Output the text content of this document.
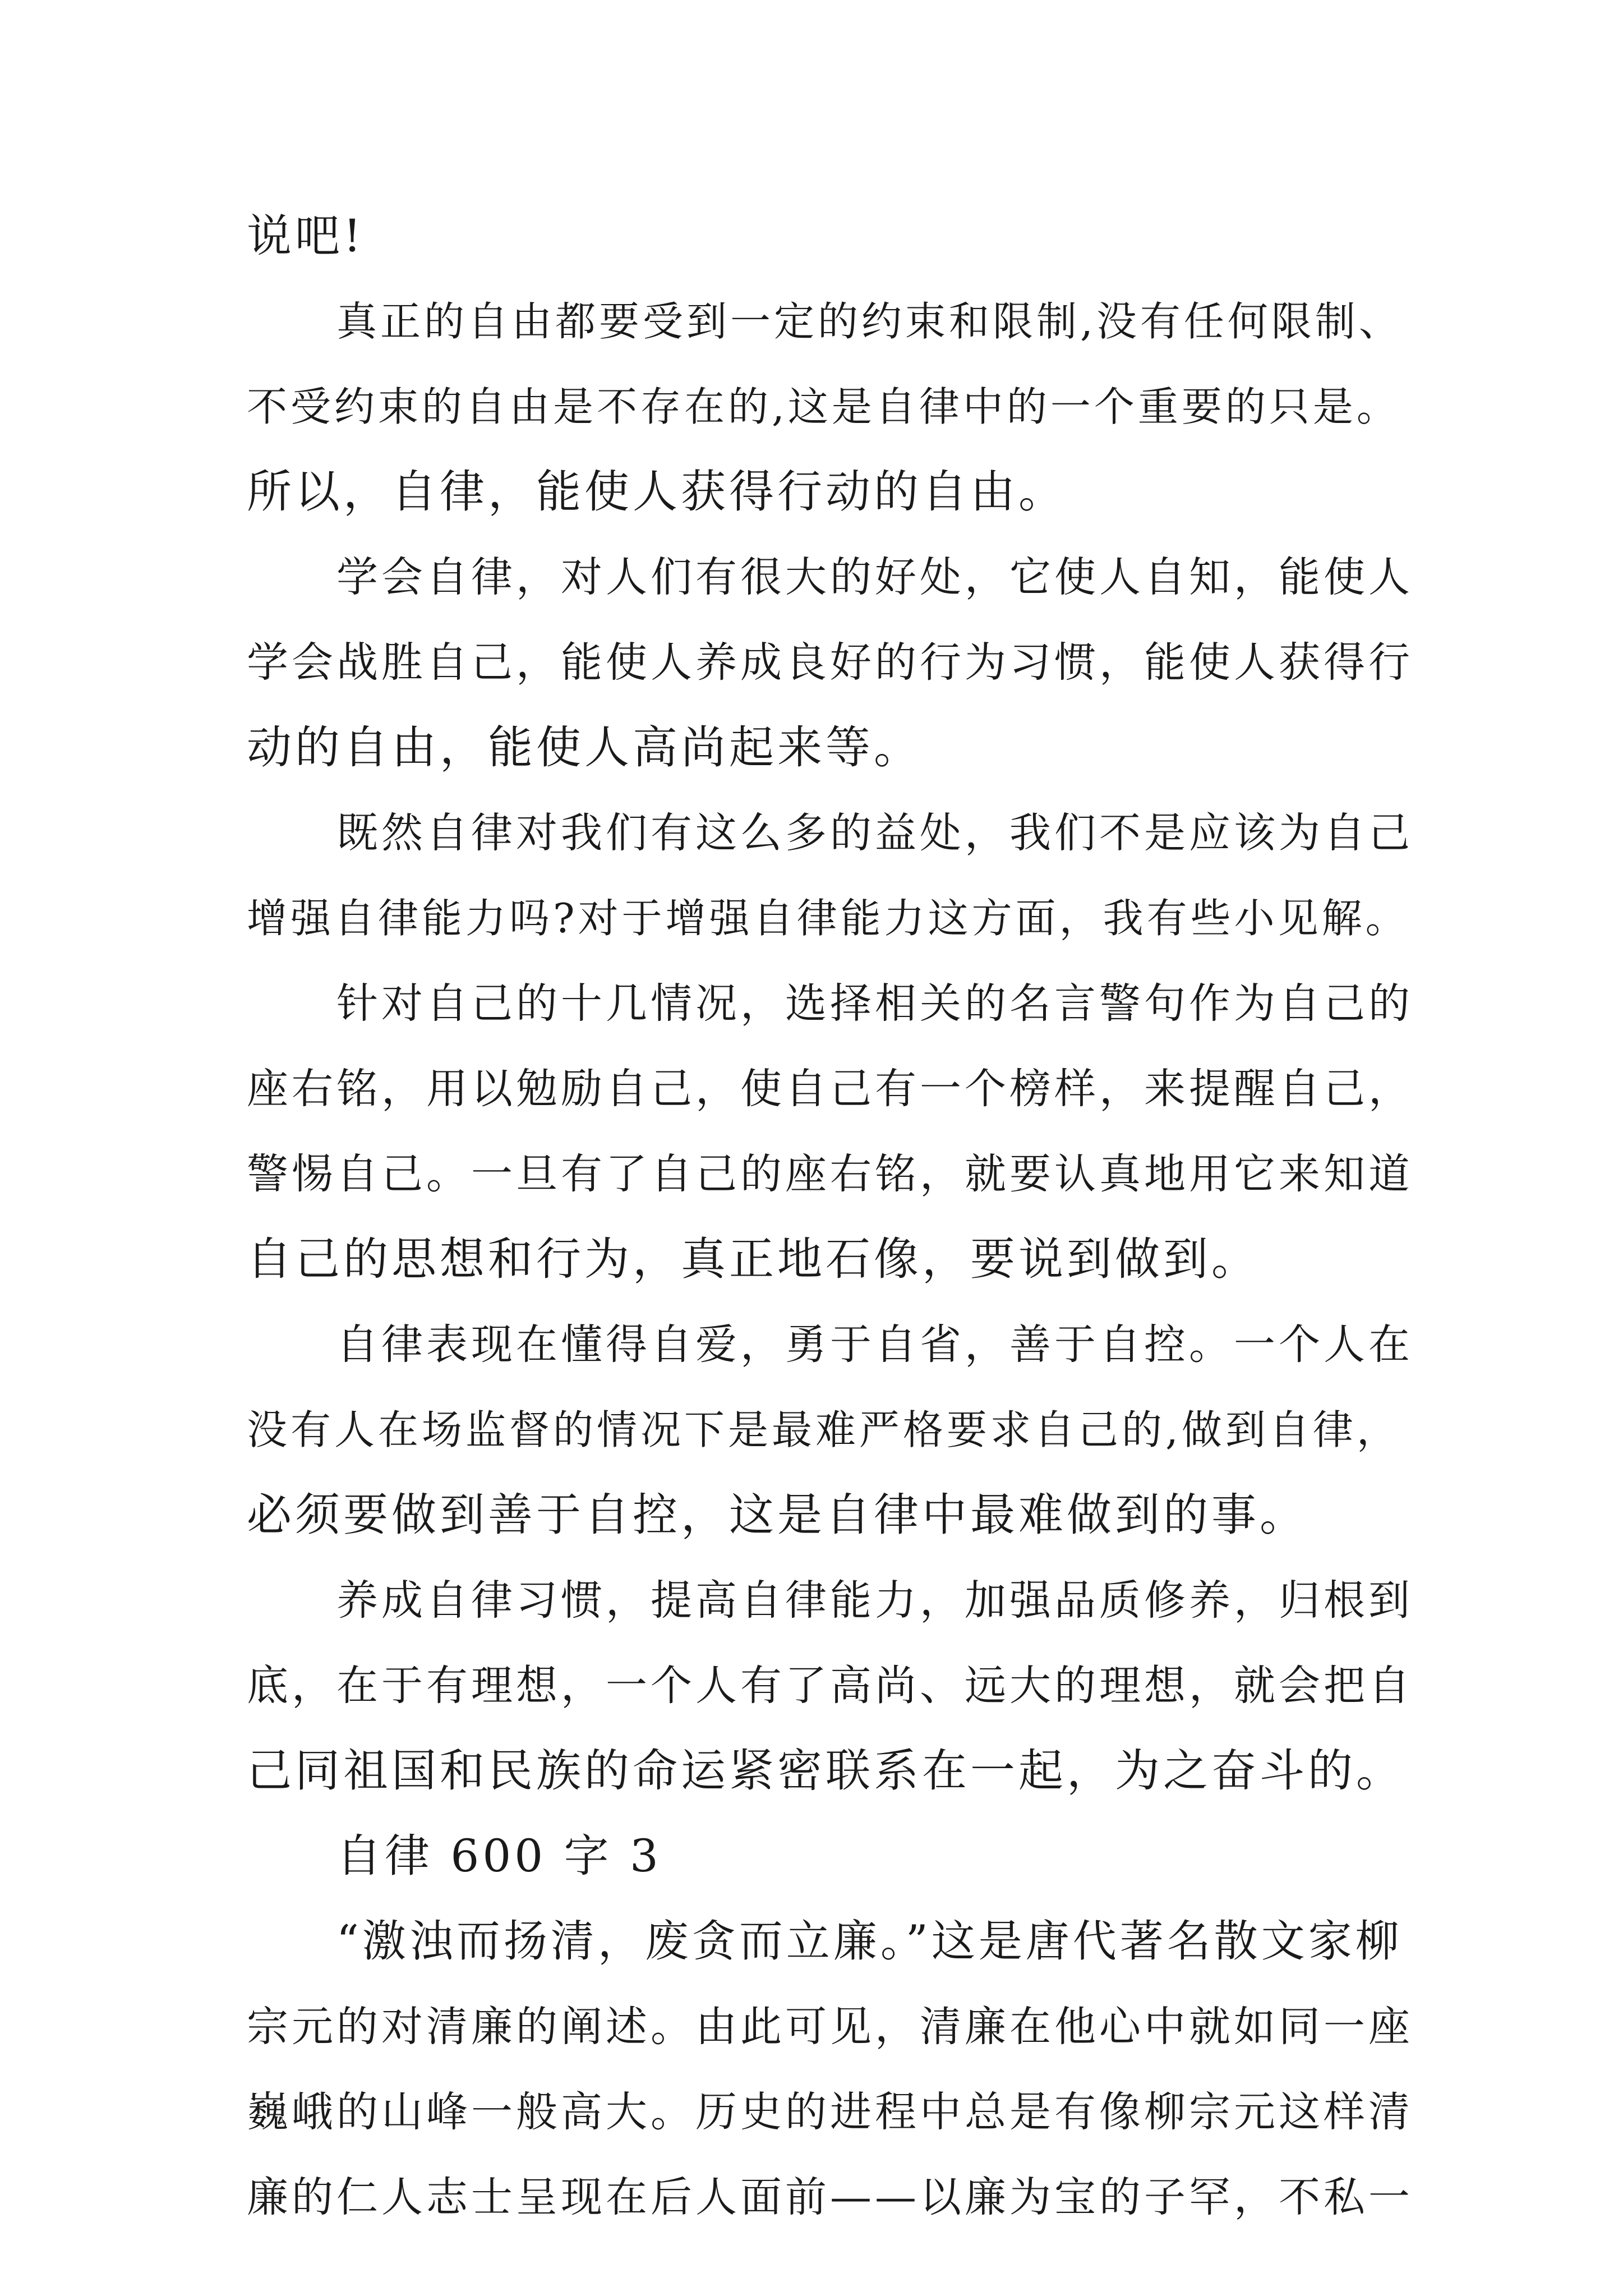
说吧!
真正的自由都要受到一定的约束和限制,没有任何限制、
不受约束的自由是不存在的,这是自律中的一个重要的只是。
所以，自律，能使人获得行动的自由。
学会自律，对人们有很大的好处，它使人自知，能使人
学会战胜自己，能使人养成良好的行为习惯，能使人获得行
动的自由，能使人高尚起来等。
既然自律对我们有这么多的益处，我们不是应该为自己
增强自律能力吗?对于增强自律能力这方面，我有些小见解。
针对自己的十几情况，选择相关的名言警句作为自己的
座右铭，用以勉励自己，使自己有一个榜样，来提醒自己，
警惕自己。一旦有了自己的座右铭，就要认真地用它来知道
自己的思想和行为，真正地石像，要说到做到。
自律表现在懂得自爱，勇于自省，善于自控。一个人在
没有人在场监督的情况下是最难严格要求自己的,做到自律，
必须要做到善于自控，这是自律中最难做到的事。
养成自律习惯，提高自律能力，加强品质修养，归根到
底，在于有理想，一个人有了高尚、远大的理想，就会把自
己同祖国和民族的命运紧密联系在一起，为之奋斗的。
自律 600 字 3
“激浊而扬清，废贪而立廉。”这是唐代著名散文家柳
宗元的对清廉的阐述。由此可见，清廉在他心中就如同一座
巍峨的山峰一般高大。历史的进程中总是有像柳宗元这样清
廉的仁人志士呈现在后人面前——以廉为宝的子罕，不私一
